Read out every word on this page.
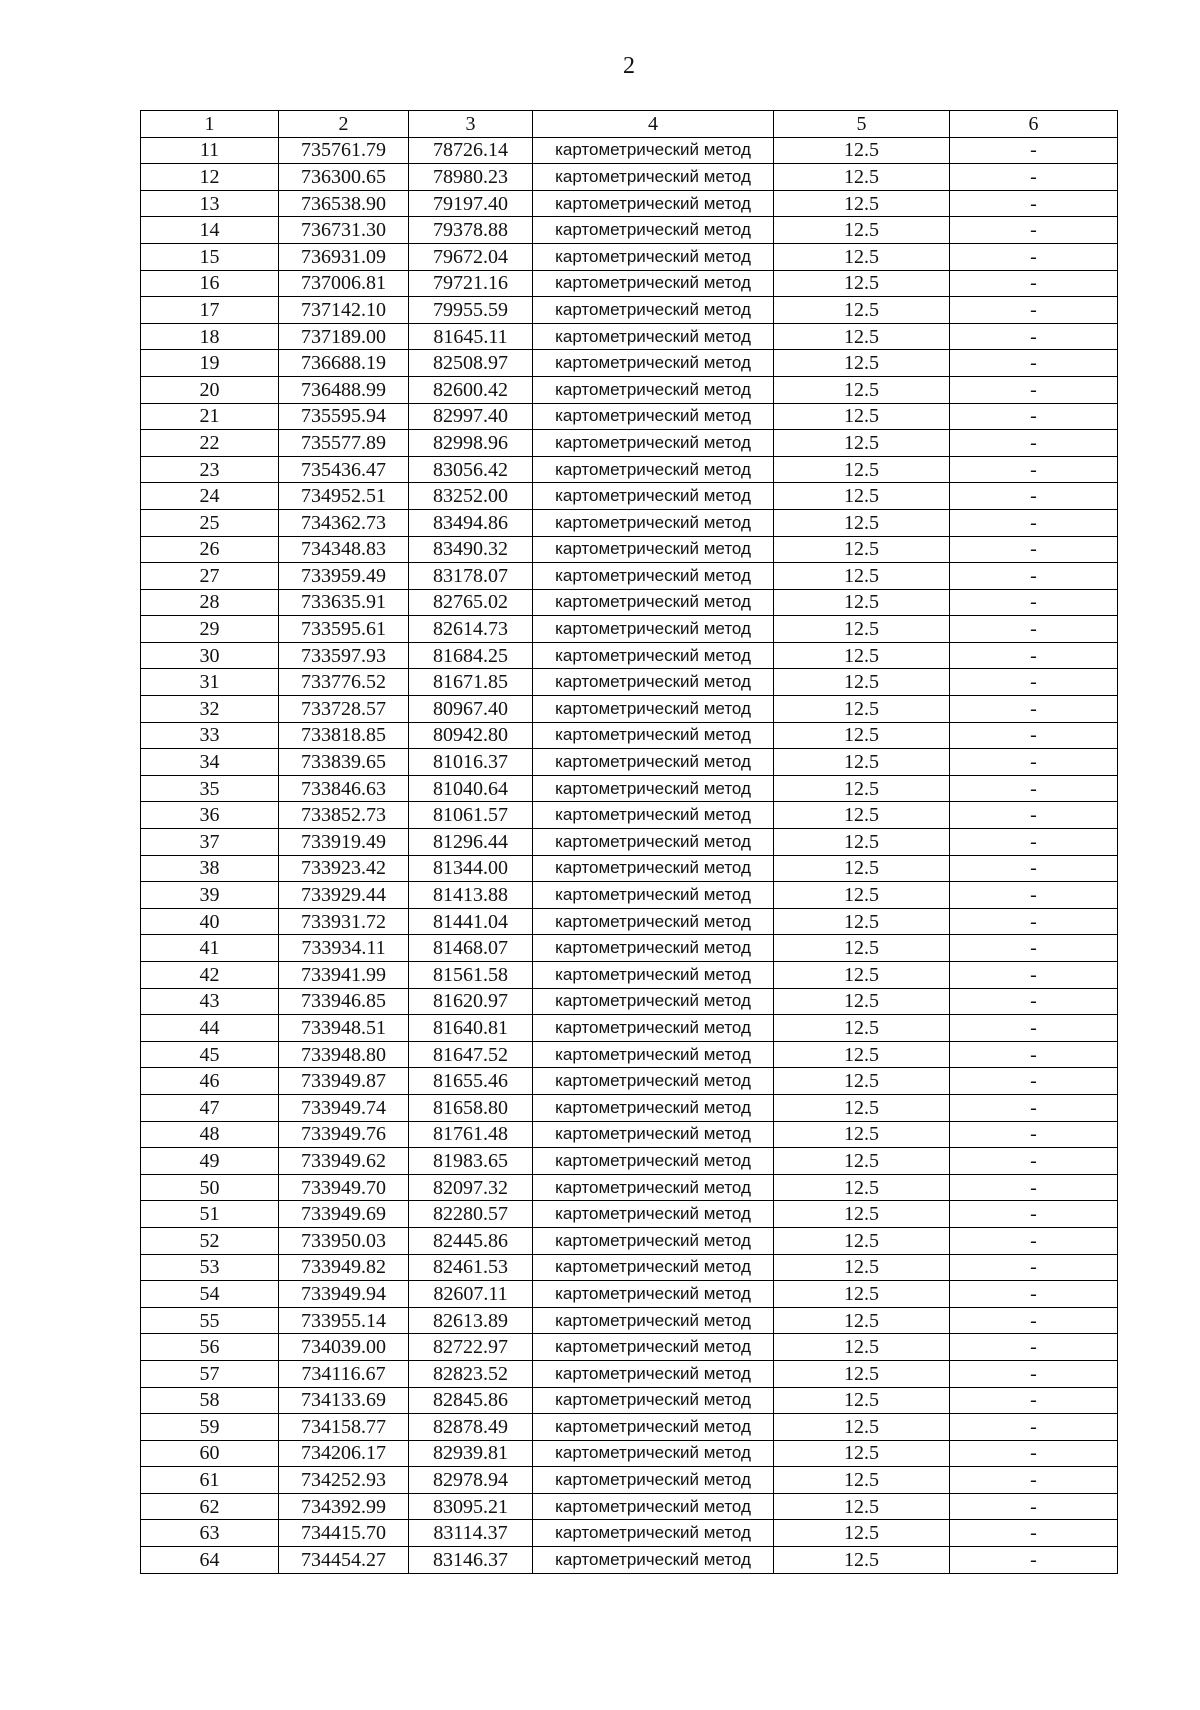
2
1	2	3	4	5	6
11	735761.79	78726.14	картометрический метод	12.5	-
12	736300.65	78980.23	картометрический метод	12.5	-
13	736538.90	79197.40	картометрический метод	12.5	-
14	736731.30	79378.88	картометрический метод	12.5	-
15	736931.09	79672.04	картометрический метод	12.5	-
16	737006.81	79721.16	картометрический метод	12.5	-
17	737142.10	79955.59	картометрический метод	12.5	-
18	737189.00	81645.11	картометрический метод	12.5	-
19	736688.19	82508.97	картометрический метод	12.5	-
20	736488.99	82600.42	картометрический метод	12.5	-
21	735595.94	82997.40	картометрический метод	12.5	-
22	735577.89	82998.96	картометрический метод	12.5	-
23	735436.47	83056.42	картометрический метод	12.5	-
24	734952.51	83252.00	картометрический метод	12.5	-
25	734362.73	83494.86	картометрический метод	12.5	-
26	734348.83	83490.32	картометрический метод	12.5	-
27	733959.49	83178.07	картометрический метод	12.5	-
28	733635.91	82765.02	картометрический метод	12.5	-
29	733595.61	82614.73	картометрический метод	12.5	-
30	733597.93	81684.25	картометрический метод	12.5	-
31	733776.52	81671.85	картометрический метод	12.5	-
32	733728.57	80967.40	картометрический метод	12.5	-
33	733818.85	80942.80	картометрический метод	12.5	-
34	733839.65	81016.37	картометрический метод	12.5	-
35	733846.63	81040.64	картометрический метод	12.5	-
36	733852.73	81061.57	картометрический метод	12.5	-
37	733919.49	81296.44	картометрический метод	12.5	-
38	733923.42	81344.00	картометрический метод	12.5	-
39	733929.44	81413.88	картометрический метод	12.5	-
40	733931.72	81441.04	картометрический метод	12.5	-
41	733934.11	81468.07	картометрический метод	12.5	-
42	733941.99	81561.58	картометрический метод	12.5	-
43	733946.85	81620.97	картометрический метод	12.5	-
44	733948.51	81640.81	картометрический метод	12.5	-
45	733948.80	81647.52	картометрический метод	12.5	-
46	733949.87	81655.46	картометрический метод	12.5	-
47	733949.74	81658.80	картометрический метод	12.5	-
48	733949.76	81761.48	картометрический метод	12.5	-
49	733949.62	81983.65	картометрический метод	12.5	-
50	733949.70	82097.32	картометрический метод	12.5	-
51	733949.69	82280.57	картометрический метод	12.5	-
52	733950.03	82445.86	картометрический метод	12.5	-
53	733949.82	82461.53	картометрический метод	12.5	-
54	733949.94	82607.11	картометрический метод	12.5	-
55	733955.14	82613.89	картометрический метод	12.5	-
56	734039.00	82722.97	картометрический метод	12.5	-
57	734116.67	82823.52	картометрический метод	12.5	-
58	734133.69	82845.86	картометрический метод	12.5	-
59	734158.77	82878.49	картометрический метод	12.5	-
60	734206.17	82939.81	картометрический метод	12.5	-
61	734252.93	82978.94	картометрический метод	12.5	-
62	734392.99	83095.21	картометрический метод	12.5	-
63	734415.70	83114.37	картометрический метод	12.5	-
64	734454.27	83146.37	картометрический метод	12.5	-
